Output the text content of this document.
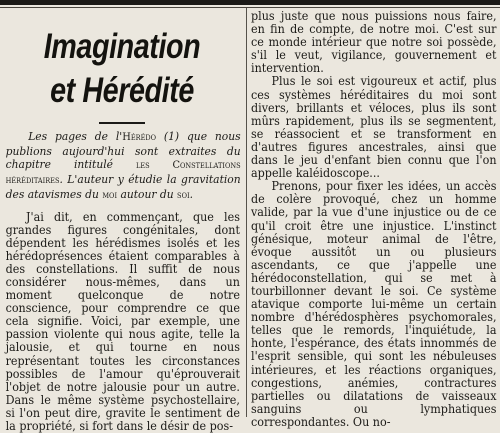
Imagination
et Hérédité

Les pages de l'Hérédo (1) que nous publions aujourd'hui sont extraites du chapitre intitulé les Constellations héréditaires. L'auteur y étudie la gravitation des atavismes du moi autour du soi.

J'ai dit, en commençant, que les grandes figures congénitales, dont dépendent les hérédismes isolés et les hérédoprésences étaient comparables à des constellations. Il suffit de nous considérer nous-mêmes, dans un moment quelconque de notre conscience, pour comprendre ce que cela signifie. Voici, par exemple, une passion violente qui nous agite, telle la jalousie, et qui tourne en nous représentant toutes les circonstances possibles de l'amour qu'éprouverait l'objet de notre jalousie pour un autre. Dans le même système psychostellaire, si l'on peut dire, gravite le sentiment de la propriété, si fort dans le désir de pos-

plus juste que nous puissions nous faire, en fin de compte, de notre moi. C'est sur ce monde intérieur que notre soi possède, s'il le veut, vigilance, gouvernement et intervention.

Plus le soi est vigoureux et actif, plus ces systèmes héréditaires du moi sont divers, brillants et véloces, plus ils sont mûrs rapidement, plus ils se segmentent, se réassocient et se transforment en d'autres figures ancestrales, ainsi que dans le jeu d'enfant bien connu que l'on appelle kaléidoscope...

Prenons, pour fixer les idées, un accès de colère provoqué, chez un homme valide, par la vue d'une injustice ou de ce qu'il croit être une injustice. L'instinct génésique, moteur animal de l'être, évoque aussitôt un ou plusieurs ascendants, ce que j'appelle une hérédoconstellation, qui se met à tourbillonner devant le soi. Ce système atavique comporte lui-même un certain nombre d'hérédosphères psychomorales, telles que le remords, l'inquiétude, la honte, l'espérance, des états innommés de l'esprit sensible, qui sont les nébuleuses intérieures, et les réactions organiques, congestions, anémies, contractures partielles ou dilatations de vaisseaux sanguins ou lymphatiques correspondantes. Ou no-
